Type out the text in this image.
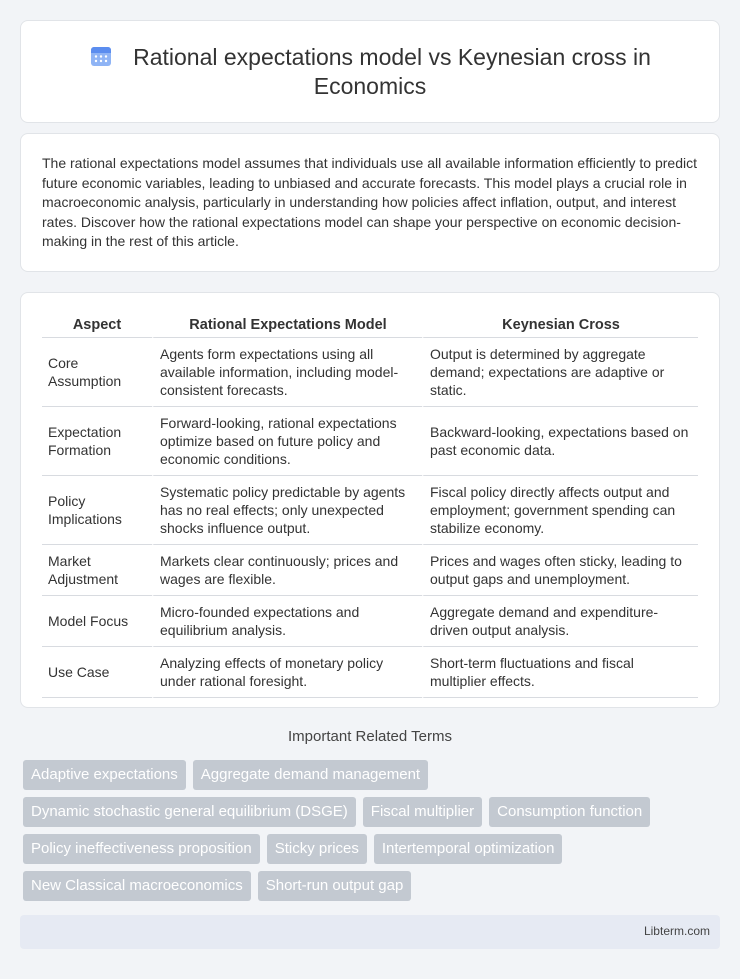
Rational expectations model vs Keynesian cross in Economics

The rational expectations model assumes that individuals use all available information efficiently to predict future economic variables, leading to unbiased and accurate forecasts. This model plays a crucial role in macroeconomic analysis, particularly in understanding how policies affect inflation, output, and interest rates. Discover how the rational expectations model can shape your perspective on economic decision-making in the rest of this article.

Aspect	Rational Expectations Model	Keynesian Cross
Core Assumption	Agents form expectations using all available information, including model-consistent forecasts.	Output is determined by aggregate demand; expectations are adaptive or static.
Expectation Formation	Forward-looking, rational expectations optimize based on future policy and economic conditions.	Backward-looking, expectations based on past economic data.
Policy Implications	Systematic policy predictable by agents has no real effects; only unexpected shocks influence output.	Fiscal policy directly affects output and employment; government spending can stabilize economy.
Market Adjustment	Markets clear continuously; prices and wages are flexible.	Prices and wages often sticky, leading to output gaps and unemployment.
Model Focus	Micro-founded expectations and equilibrium analysis.	Aggregate demand and expenditure-driven output analysis.
Use Case	Analyzing effects of monetary policy under rational foresight.	Short-term fluctuations and fiscal multiplier effects.
Important Related Terms
Adaptive expectations	Aggregate demand management
Dynamic stochastic general equilibrium (DSGE)	Fiscal multiplier	Consumption function
Policy ineffectiveness proposition	Sticky prices	Intertemporal optimization
New Classical macroeconomics	Short-run output gap
Libterm.com
